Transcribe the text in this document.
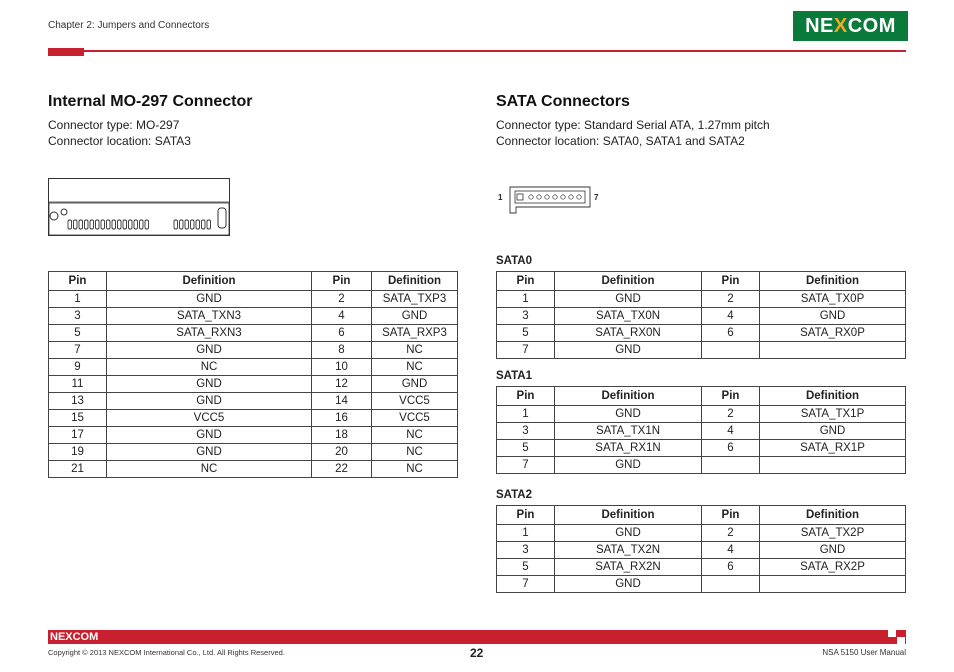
Chapter 2: Jumpers and Connectors	NE X COM
Internal MO-297 Connector
Connector type: MO-297
Connector location: SATA3
Pin	Definition	Pin	Definition
1	GND	2	SATA_TXP3
3	SATA_TXN3	4	GND
5	SATA_RXN3	6	SATA_RXP3
7	GND	8	NC
9	NC	10	NC
11	GND	12	GND
13	GND	14	VCC5
15	VCC5	16	VCC5
17	GND	18	NC
19	GND	20	NC
21	NC	22	NC
SATA Connectors
Connector type: Standard Serial ATA, 1.27mm pitch
Connector location: SATA0, SATA1 and SATA2
1	7
SATA0
Pin	Definition	Pin	Definition
1	GND	2	SATA_TX0P
3	SATA_TX0N	4	GND
5	SATA_RX0N	6	SATA_RX0P
7	GND		
SATA1
Pin	Definition	Pin	Definition
1	GND	2	SATA_TX1P
3	SATA_TX1N	4	GND
5	SATA_RX1N	6	SATA_RX1P
7	GND		
SATA2
Pin	Definition	Pin	Definition
1	GND	2	SATA_TX2P
3	SATA_TX2N	4	GND
5	SATA_RX2N	6	SATA_RX2P
7	GND		
NEXCOM
Copyright © 2013 NEXCOM International Co., Ltd. All Rights Reserved.	22	NSA 5150 User Manual
